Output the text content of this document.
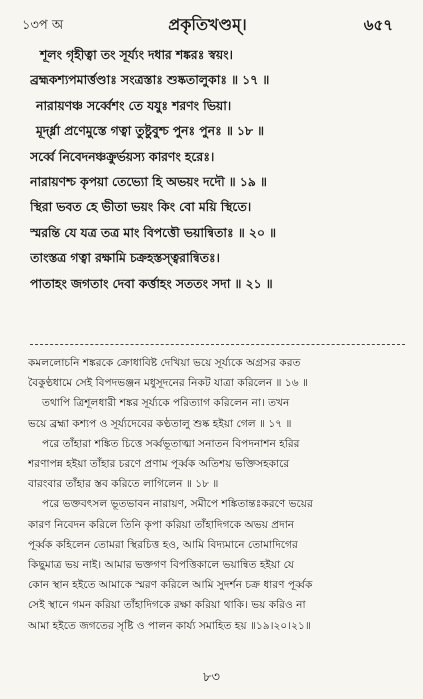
১৩প অ	প্রকৃতিখণ্ডম্।	৬৫৭
শূলং গৃহীত্বা তং সূর্য্যং দধার শঙ্করঃ স্বয়ং।
ব্রহ্মকশ্যপমার্ত্তণ্ডাঃ সংত্রস্তাঃ শুষ্কতালুকাঃ ॥ ১৭ ॥
নারায়ণঞ্চ সর্ব্বেশং তে যযুঃ শরণং ভিয়া।
মূর্দ্ধ্না প্রণেমুস্তে গত্বা তুষ্টুবুশ্চ পুনঃ পুনঃ ॥ ১৮ ॥
সর্ব্বে নিবেদনঞ্চক্রুর্ভয়স্য কারণং হরেঃ।
নারায়ণশ্চ কৃপয়া তেভ্যো হি অভয়ং দদৌ ॥ ১৯ ॥
স্থিরা ভবত হে ভীতা ভয়ং কিং বো ময়ি স্থিতে।
স্মরন্তি যে যত্র তত্র মাং বিপত্তৌ ভয়ান্বিতাঃ ॥ ২০ ॥
তাংস্তত্র গত্বা রক্ষামি চক্রহস্তস্ত্বরান্বিতঃ।
পাতাহং জগতাং দেবা কর্ত্তাহং সততং সদা ॥ ২১ ॥
কমললোচনি শঙ্করকে ক্রোধাবিষ্ট দেখিয়া ভয়ে সূর্য্যকে অগ্রসর করত
বৈকুণ্ঠধামে সেই বিপদভঞ্জন মধুসূদনের নিকট যাত্রা করিলেন ॥ ১৬ ॥
তথাপি ত্রিশূলধারী শঙ্কর সূর্য্যকে পরিত্যাগ করিলেন না। তখন
ভয়ে ব্রহ্মা কশ্যপ ও সূর্য্যদেবের কণ্ঠতালু শুষ্ক হইয়া গেল ॥ ১৭ ॥
পরে তাঁহারা শঙ্কিত চিত্তে সর্ব্বভূতাত্মা সনাতন বিপদনাশন হরির
শরণাপন্ন হইয়া তাঁহার চরণে প্রণাম পূর্ব্বক অতিশয় ভক্তিসহকারে
বারংবার তাঁহার স্তব করিতে লাগিলেন ॥ ১৮ ॥
পরে ভক্তবৎসল ভূতভাবন নারায়ণ, সমীপে শঙ্কিতান্তঃকরণে ভয়ের
কারণ নিবেদন করিলে তিনি কৃপা করিয়া তাঁহাদিগকে অভয় প্রদান
পূর্ব্বক কহিলেন তোমরা স্থিরচিত্ত হও, আমি বিদ্যমানে তোমাদিগের
কিছুমাত্র ভয় নাই। আমার ভক্তগণ বিপত্তিকালে ভয়ান্বিত হইয়া যে
কোন স্থান হইতে আমাকে স্মরণ করিলে আমি সুদর্শন চক্র ধারণ পূর্ব্বক
সেই স্থানে গমন করিয়া তাঁহাদিগকে রক্ষা করিয়া থাকি। ভয় করিও না
আমা হইতে জগতের সৃষ্টি ও পালন কার্য্য সমাহিত হয় ॥১৯।২০।২১॥
৮৩
